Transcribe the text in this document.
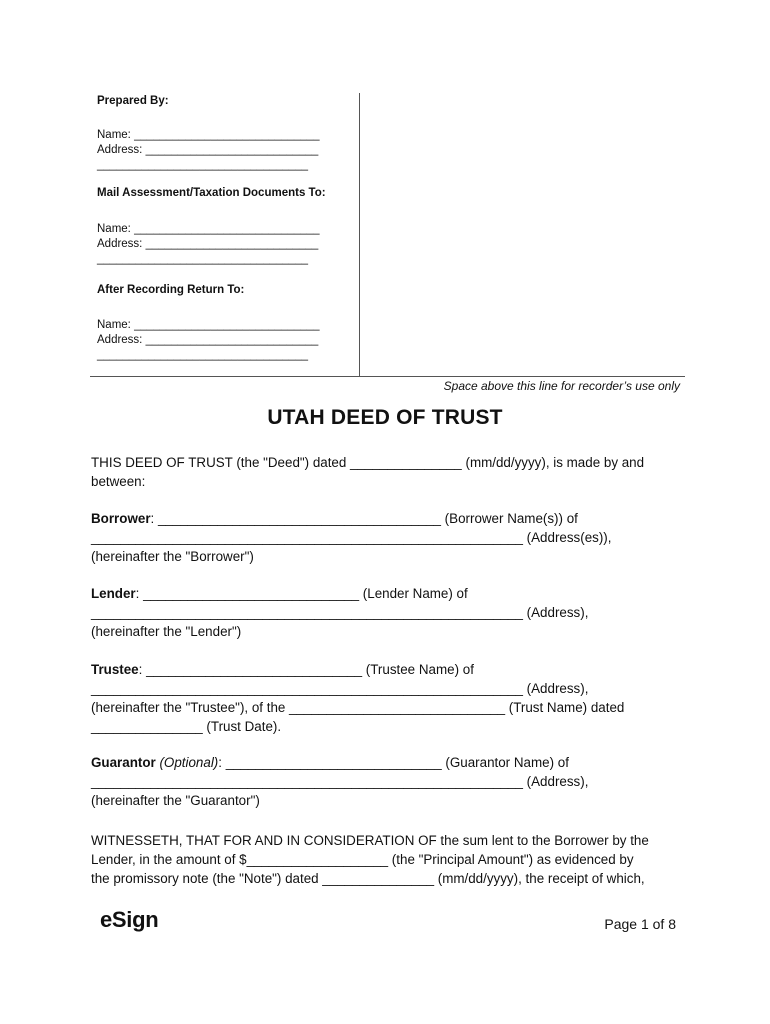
Prepared By:
Name: _____________________________
Address: ___________________________
_________________________________
Mail Assessment/Taxation Documents To:
Name: _____________________________
Address: ___________________________
_________________________________
After Recording Return To:
Name: _____________________________
Address: ___________________________
_________________________________
Space above this line for recorder’s use only
UTAH DEED OF TRUST
THIS DEED OF TRUST (the "Deed") dated _______________ (mm/dd/yyyy), is made by and
between:
Borrower: ______________________________________ (Borrower Name(s)) of
__________________________________________________________ (Address(es)),
(hereinafter the "Borrower")
Lender: _____________________________ (Lender Name) of
__________________________________________________________ (Address),
(hereinafter the "Lender")
Trustee: _____________________________ (Trustee Name) of
__________________________________________________________ (Address),
(hereinafter the "Trustee"), of the _____________________________ (Trust Name) dated
_______________ (Trust Date).
Guarantor (Optional): _____________________________ (Guarantor Name) of
__________________________________________________________ (Address),
(hereinafter the "Guarantor")
WITNESSETH, THAT FOR AND IN CONSIDERATION OF the sum lent to the Borrower by the
Lender, in the amount of $___________________ (the "Principal Amount") as evidenced by
the promissory note (the "Note") dated _______________ (mm/dd/yyyy), the receipt of which,
eSign	Page 1 of 8
